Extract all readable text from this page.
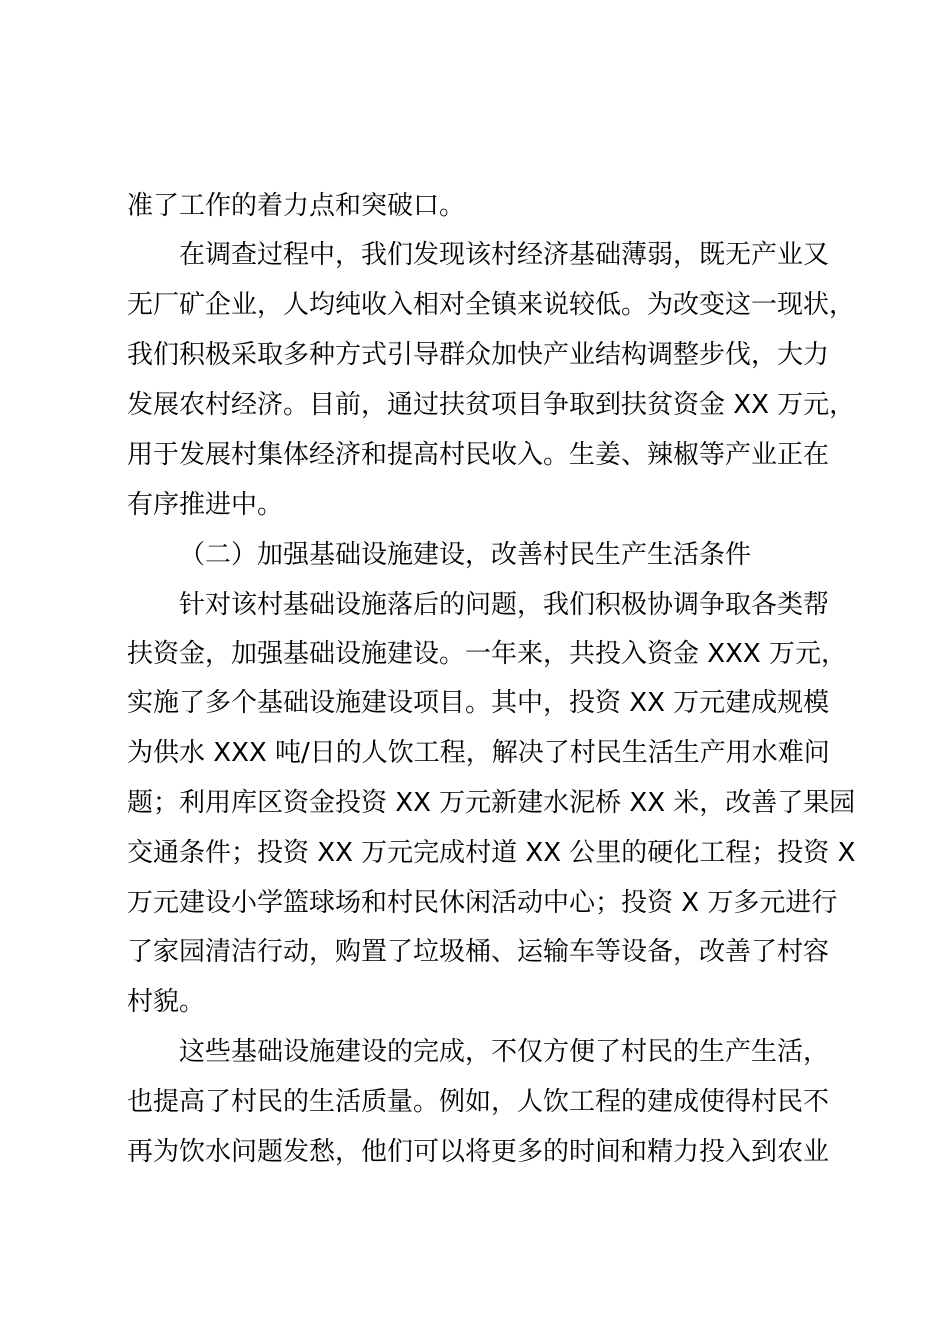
准了工作的着力点和突破口。

在调查过程中，我们发现该村经济基础薄弱，既无产业又

无厂矿企业，人均纯收入相对全镇来说较低。为改变这一现状，

我们积极采取多种方式引导群众加快产业结构调整步伐，大力

发展农村经济。目前，通过扶贫项目争取到扶贫资金 XX 万元，

用于发展村集体经济和提高村民收入。生姜、辣椒等产业正在

有序推进中。

（二）加强基础设施建设，改善村民生产生活条件

针对该村基础设施落后的问题，我们积极协调争取各类帮

扶资金，加强基础设施建设。一年来，共投入资金 XXX 万元，

实施了多个基础设施建设项目。其中，投资 XX 万元建成规模

为供水 XXX 吨/日的人饮工程，解决了村民生活生产用水难问

题；利用库区资金投资 XX 万元新建水泥桥 XX 米，改善了果园

交通条件；投资 XX 万元完成村道 XX 公里的硬化工程；投资 X

万元建设小学篮球场和村民休闲活动中心；投资 X 万多元进行

了家园清洁行动，购置了垃圾桶、运输车等设备，改善了村容

村貌。

这些基础设施建设的完成，不仅方便了村民的生产生活，

也提高了村民的生活质量。例如，人饮工程的建成使得村民不

再为饮水问题发愁，他们可以将更多的时间和精力投入到农业
